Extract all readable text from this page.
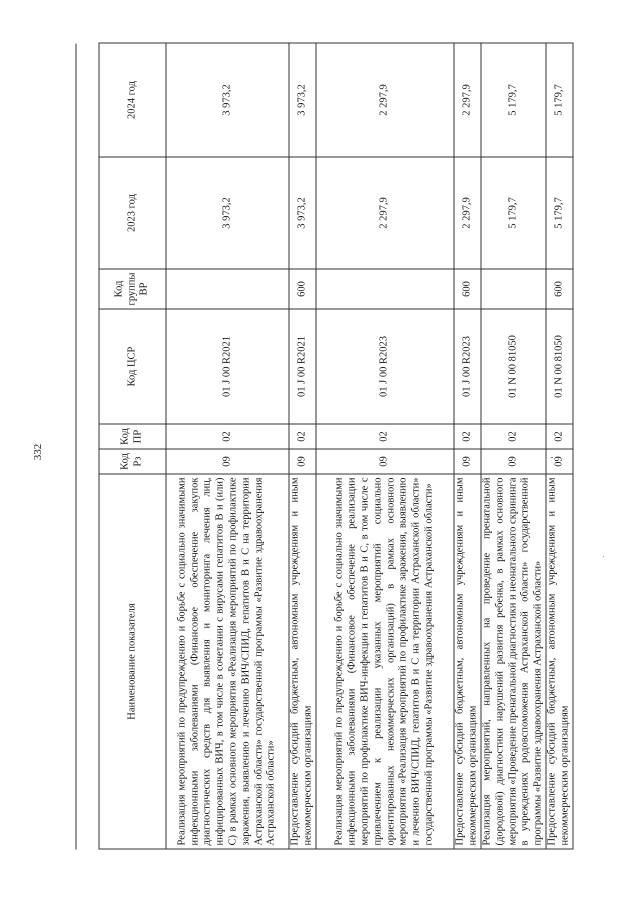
332
Наименование показателя	Код Рз	Код ПР	Код ЦСР	Код группы ВР	2023 год	2024 год
Реализация мероприятий по предупреждению и борьбе с социально значимыми инфекционными заболеваниями (Финансовое обеспечение закупок диагностических средств для выявления и мониторинга лечения лиц, инфицированных ВИЧ, в том числе в сочетании с вирусами гепатитов В и (или) С) в рамках основного мероприятия «Реализация мероприятий по профилактике заражения, выявлению и лечению ВИЧ/СПИД, гепатитов В и С на территории Астраханской области» государственной программы «Развитие здравоохранения Астраханской области»	09	02	01 J 00 R2021		3 973,2	3 973,2
Предоставление субсидий бюджетным, автономным учреждениям и иным некоммерческим организациям	09	02	01 J 00 R2021	600	3 973,2	3 973,2
Реализация мероприятий по предупреждению и борьбе с социально значимыми инфекционными заболеваниями (Финансовое обеспечение реализации мероприятий по профилактике ВИЧ-инфекции и гепатитов В и С, в том числе с привлечением к реализации указанных мероприятий социально ориентированных некоммерческих организаций) в рамках основного мероприятия «Реализация мероприятий по профилактике заражения, выявлению и лечению ВИЧ/СПИД, гепатитов В и С на территории Астраханской области» государственной программы «Развитие здравоохранения Астраханской области»	09	02	01 J 00 R2023		2 297,9	2 297,9
Предоставление субсидий бюджетным, автономным учреждениям и иным некоммерческим организациям	09	02	01 J 00 R2023	600	2 297,9	2 297,9
Реализация мероприятий, направленных на проведение пренатальной (дородовой) диагностики нарушений развития ребенка, в рамках основного мероприятия «Проведение пренатальной диагностики и неонатального скрининга в учреждениях родовспоможения Астраханской области» государственной программы «Развитие здравоохранения Астраханской области»	09	02	01 N 00 81050		5 179,7	5 179,7
Предоставление субсидий бюджетным, автономным учреждениям и иным некоммерческим организациям	09	02	01 N 00 81050	600	5 179,7	5 179,7
